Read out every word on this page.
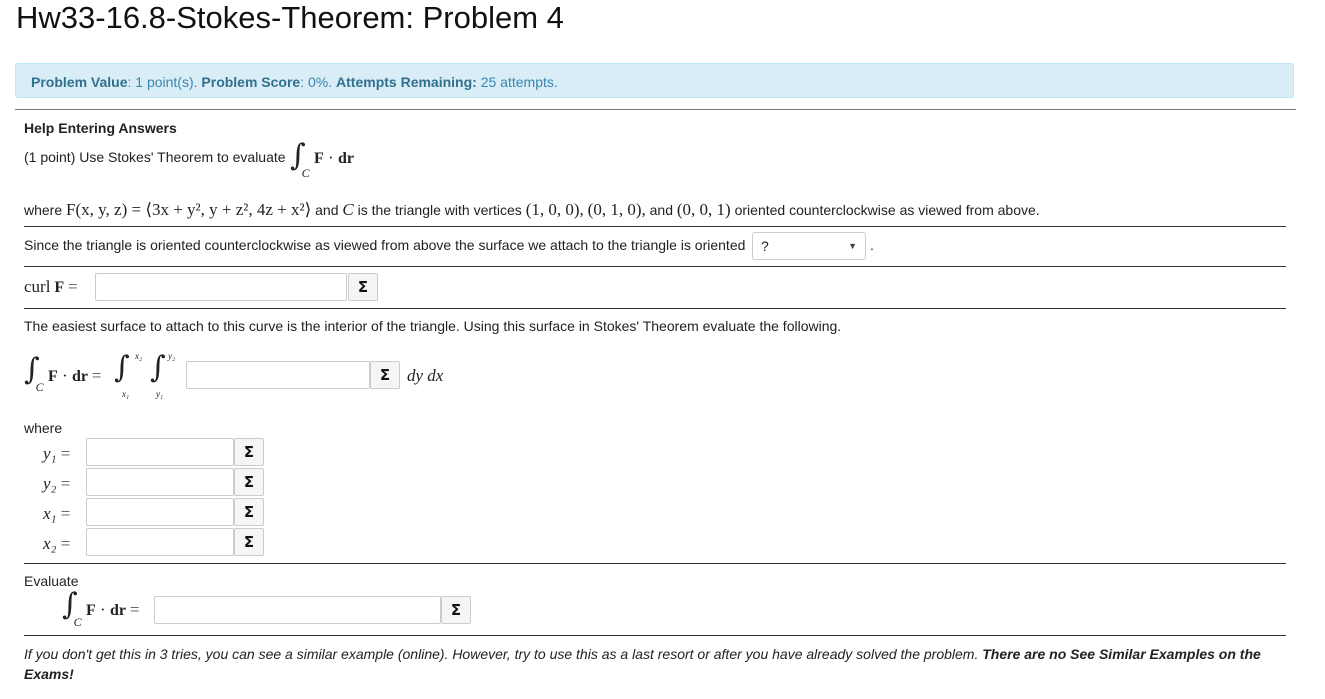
Hw33-16.8-Stokes-Theorem: Problem 4
Problem Value: 1 point(s). Problem Score: 0%. Attempts Remaining: 25 attempts.
Help Entering Answers
(1 point) Use Stokes' Theorem to evaluate ∫C
F · dr
where F(x, y, z) = ⟨3x + y², y + z², 4z + x²⟩ and C is the triangle with vertices (1, 0, 0), (0, 1, 0), and (0, 0, 1) oriented counterclockwise as viewed from above.
Since the triangle is oriented counterclockwise as viewed from above the surface we attach to the triangle is oriented	?	▼ .
curl F =	Σ
The easiest surface to attach to this curve is the interior of the triangle. Using this surface in Stokes' Theorem evaluate the following.
∫C
F · dr = ∫ x₂
x₁
∫ y₂
y₁
Σ dy dx
where
y₁ =	Σ
y₂ =	Σ
x₁ =	Σ
x₂ =	Σ
Evaluate
∫C
F · dr =	Σ
If you don't get this in 3 tries, you can see a similar example (online). However, try to use this as a last resort or after you have already solved the problem. There are no See Similar Examples on the Exams!
